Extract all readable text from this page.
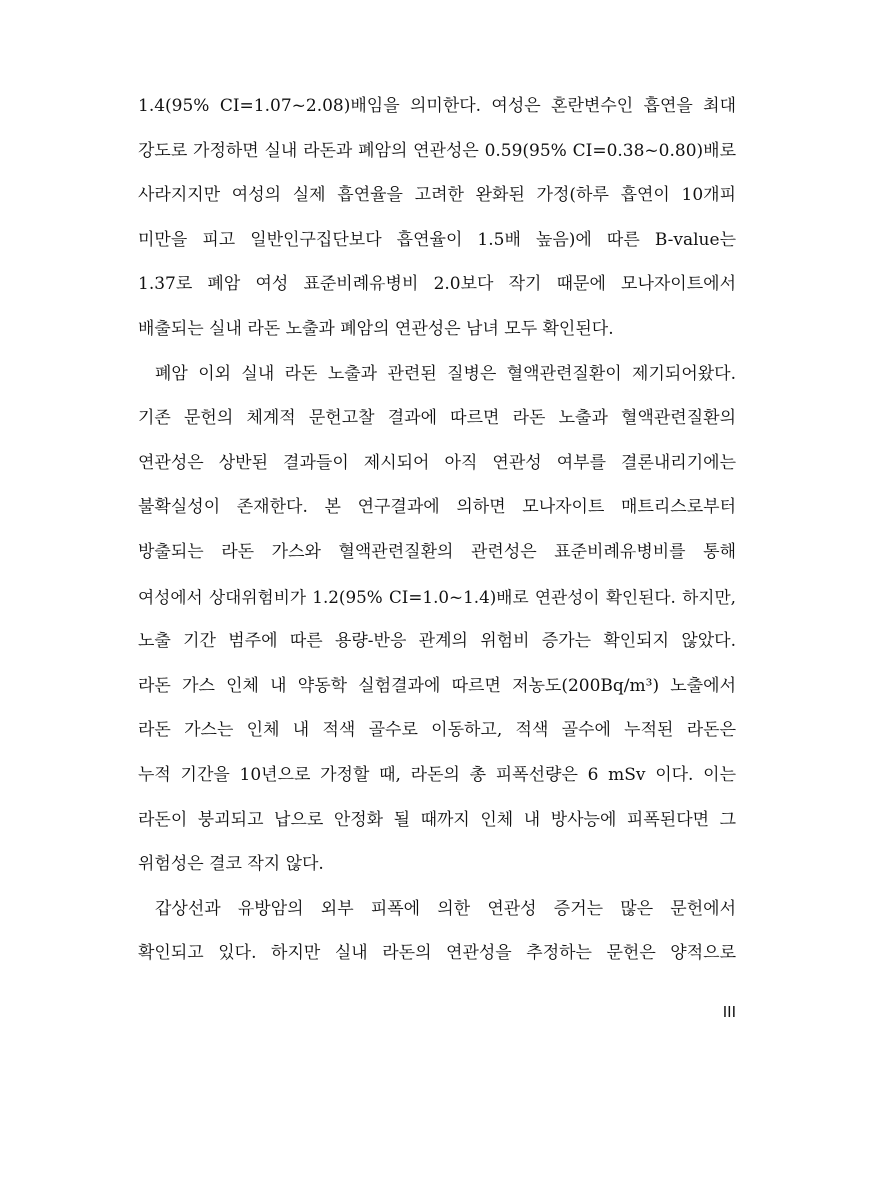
1.4(95% CI=1.07~2.08)배임을 의미한다. 여성은 혼란변수인 흡연을 최대
강도로 가정하면 실내 라돈과 폐암의 연관성은 0.59(95% CI=0.38~0.80)배로
사라지지만 여성의 실제 흡연율을 고려한 완화된 가정(하루 흡연이 10개피
미만을 피고 일반인구집단보다 흡연율이 1.5배 높음)에 따른 B-value는
1.37로 폐암 여성 표준비례유병비 2.0보다 작기 때문에 모나자이트에서
배출되는 실내 라돈 노출과 폐암의 연관성은 남녀 모두 확인된다.
폐암 이외 실내 라돈 노출과 관련된 질병은 혈액관련질환이 제기되어왔다.
기존 문헌의 체계적 문헌고찰 결과에 따르면 라돈 노출과 혈액관련질환의
연관성은 상반된 결과들이 제시되어 아직 연관성 여부를 결론내리기에는
불확실성이 존재한다. 본 연구결과에 의하면 모나자이트 매트리스로부터
방출되는 라돈 가스와 혈액관련질환의 관련성은 표준비례유병비를 통해
여성에서 상대위험비가 1.2(95% CI=1.0~1.4)배로 연관성이 확인된다. 하지만,
노출 기간 범주에 따른 용량-반응 관계의 위험비 증가는 확인되지 않았다.
라돈 가스 인체 내 약동학 실험결과에 따르면 저농도(200Bq/m³) 노출에서
라돈 가스는 인체 내 적색 골수로 이동하고, 적색 골수에 누적된 라돈은
누적 기간을 10년으로 가정할 때, 라돈의 총 피폭선량은 6 mSv 이다. 이는
라돈이 붕괴되고 납으로 안정화 될 때까지 인체 내 방사능에 피폭된다면 그
위험성은 결코 작지 않다.
갑상선과 유방암의 외부 피폭에 의한 연관성 증거는 많은 문헌에서
확인되고 있다. 하지만 실내 라돈의 연관성을 추정하는 문헌은 양적으로
III
